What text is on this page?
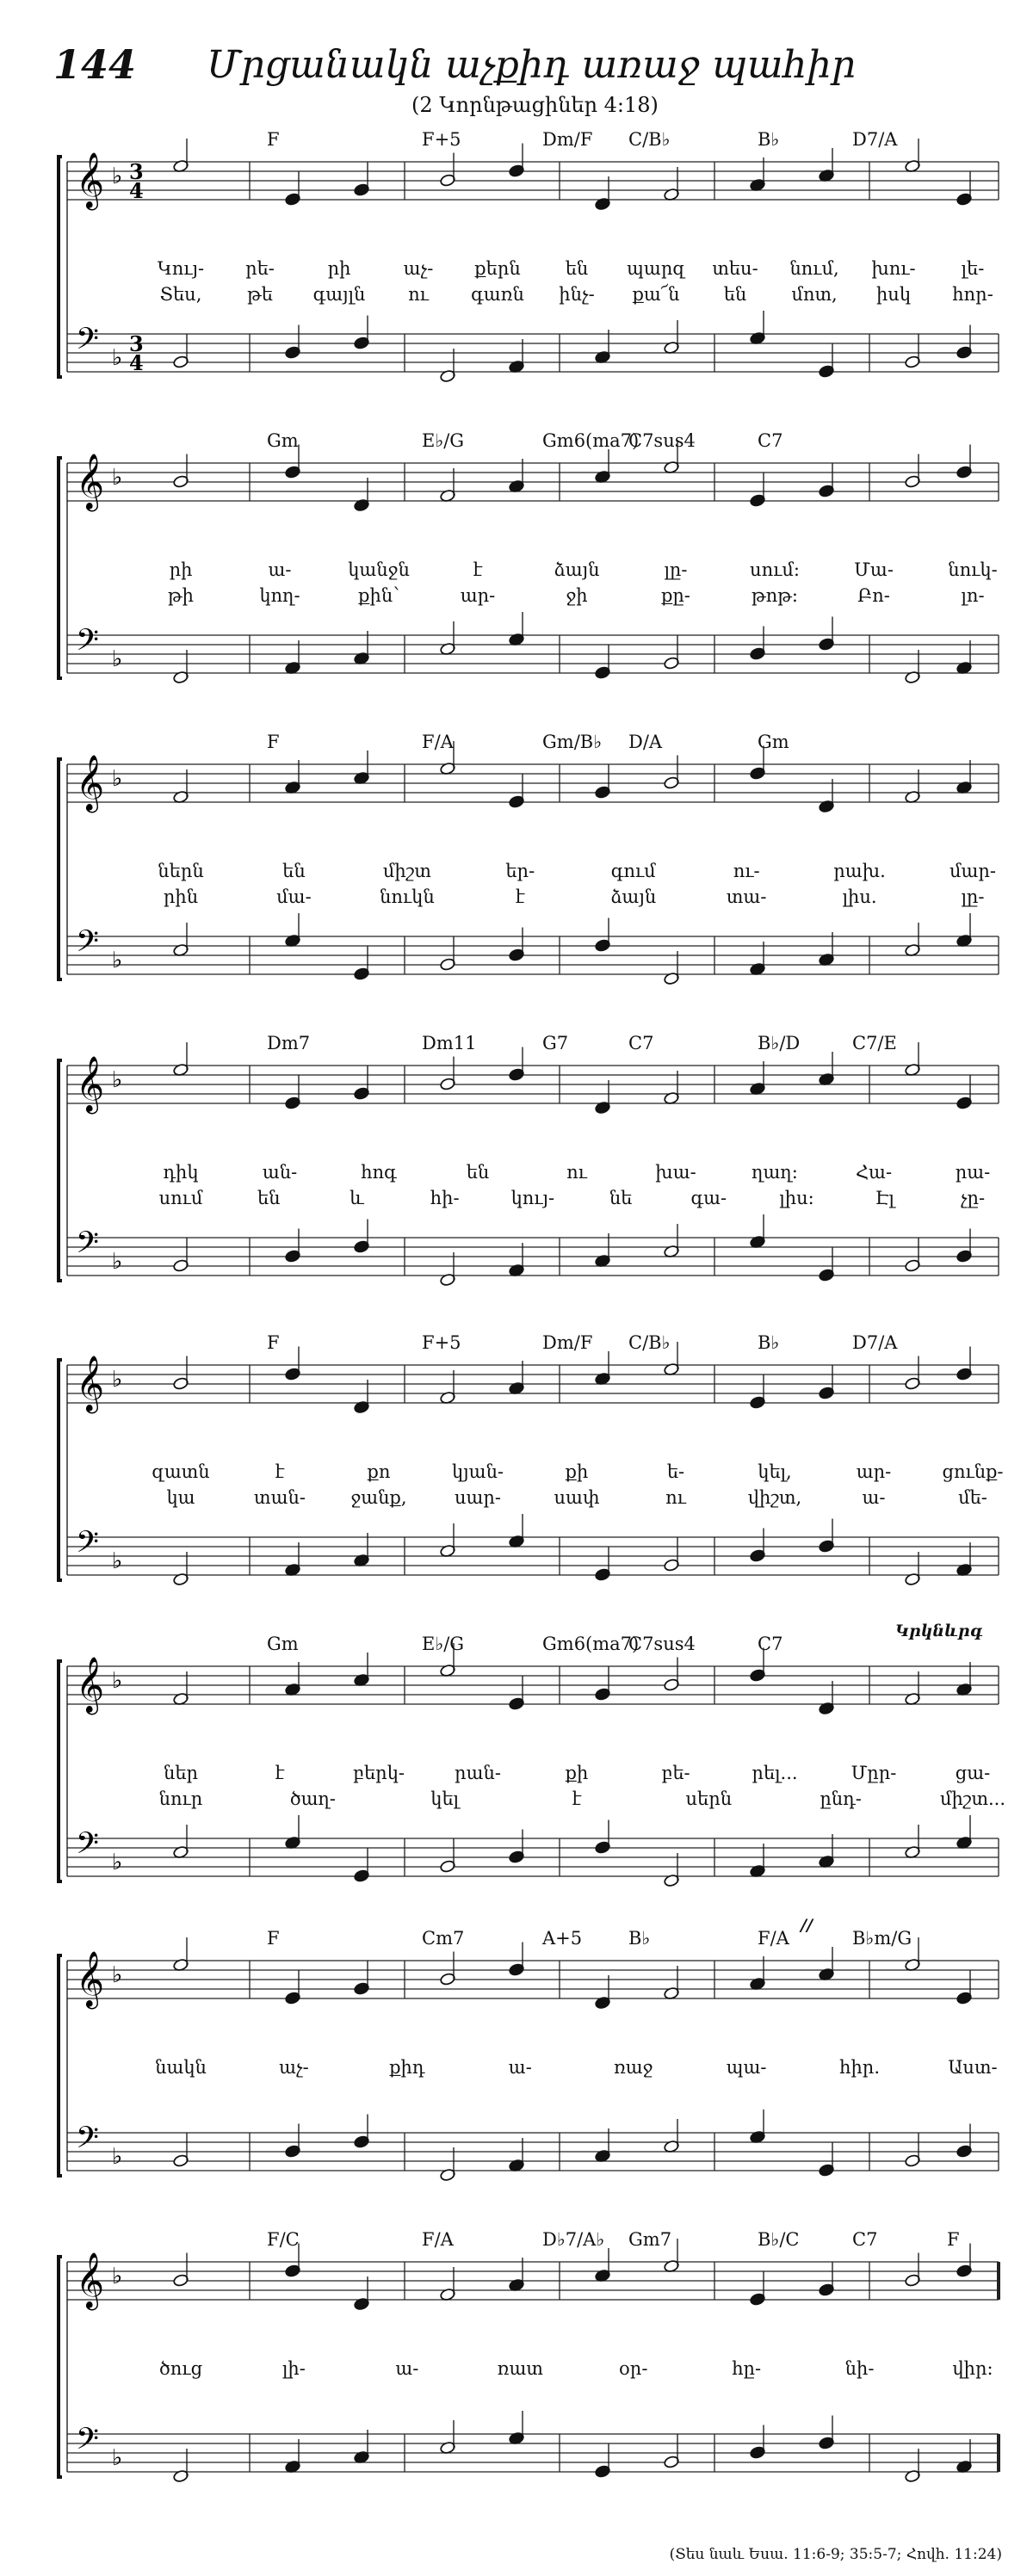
144 Մրցանակն աչքիդ առաջ պահիր
(2 Կորնթացիներ 4:18)
𝄞 ♭ 3
4
𝄢 ♭
3
4
F	F+5	Dm/F C/B♭	B♭	D7/A
Կույ- րե-	րի	աչ- քերն են պարզ տես- նում, խու-	լե-
Տես,	թե գայլն ու գառն ինչ- քա՜ն են մոտ, իսկ հոր-
𝄞 ♭
𝄢 ♭
Gm	E♭/G	Gm6(ma7)
C7sus4	C7
րի	ա-	կանջն	է	ձայն	լը-	սում:	Մա-	նուկ-
թի	կող-	քին՝	ար-	ջի	քը-	թոթ:	Բո-	լո-
𝄞 ♭
𝄢 ♭
F	F/A	Gm/B♭ D/A	Gm
ներն	են	միշտ	եր-	գում	ու-	րախ.	մար-
րին	մա-	նուկն	է	ձայն	տա-	լիս.	լը-
𝄞 ♭
𝄢 ♭
Dm7	Dm11	G7	C7	B♭/D	C7/E
դիկ	ան-	հոգ	են	ու	խա-	ղաղ:	Հա-	րա-
սում	են	և	հի-	կույ-	նե	գա-	լիս:	Էլ	չը-
𝄞 ♭
𝄢 ♭
F	F+5	Dm/F C/B♭	B♭	D7/A
զատն	է	քո	կյան-	քի	ե-	կել,	ար-	ցունք-
կա	տան-	ջանք,	սար-	սափ	ու	վիշտ,	ա-	մե-
𝄞 ♭
𝄢 ♭
Gm	E♭/G	Gm6(ma7)
C7sus4	C7
ներ	է	բերկ-	րան-	քի	բե-	րել...	Մըր-	ցա-
նուր	ծաղ-	կել	է	սերն	ընդ-	միշտ...
Կրկնևրգ
𝄞 ♭
𝄢 ♭
F	Cm7	A+5	B♭	F/A	B♭m/G
նակն	աչ-	քիդ	ա-	ռաջ	պա-	հիր.	Աստ-
//
𝄞 ♭
𝄢 ♭
F/C	F/A	D♭7/A♭ Gm7	B♭/C	C7	F
ծուց	լի-	ա-	ռատ	օր-	հը-	նի-	վիր:
(Տես նաև Եսա. 11:6-9; 35:5-7; Հովհ. 11:24)
